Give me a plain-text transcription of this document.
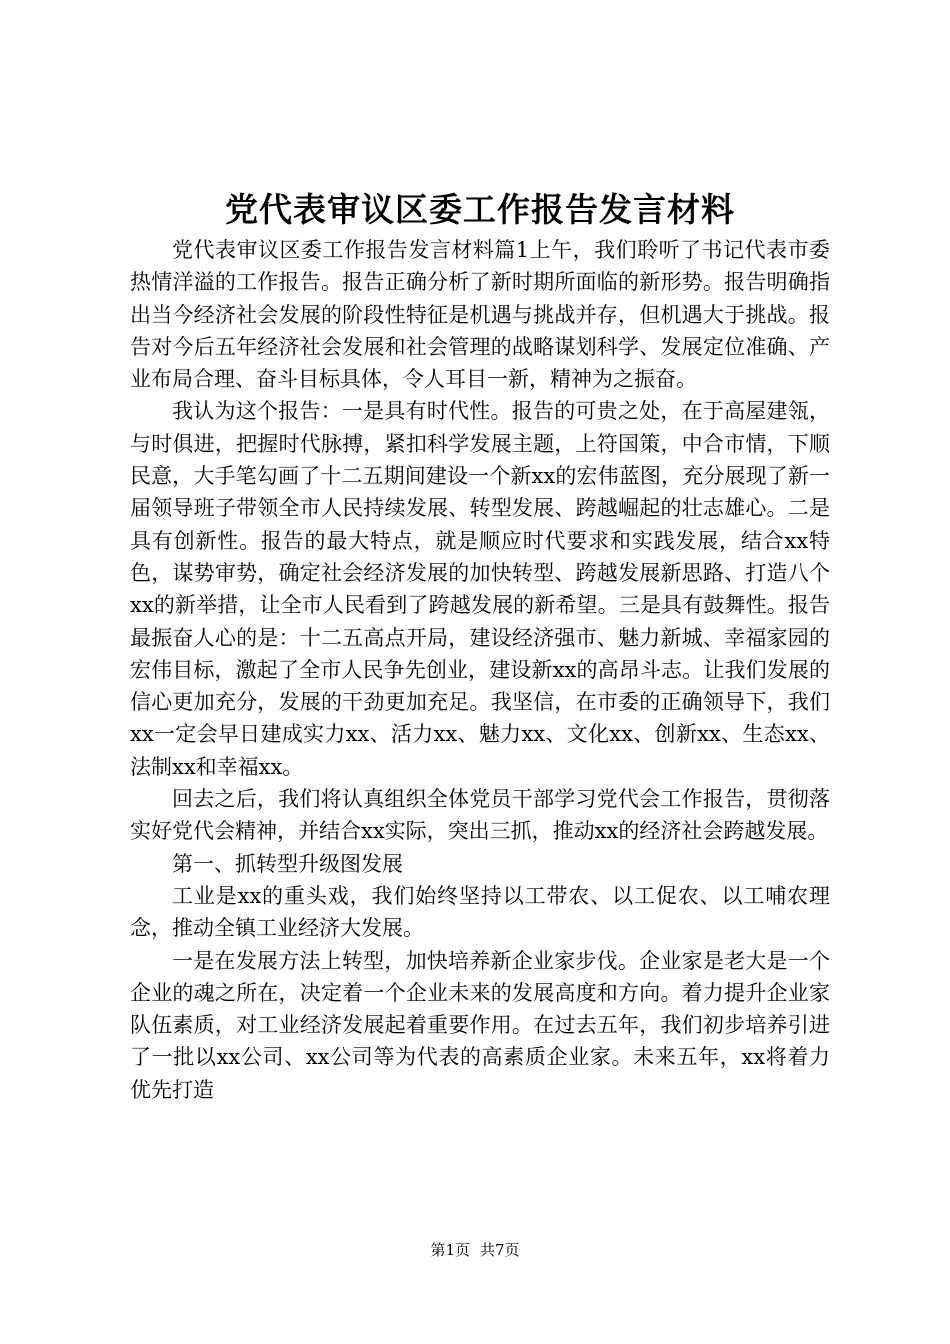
党代表审议区委工作报告发言材料

党代表审议区委工作报告发言材料篇1上午，我们聆听了书记代表市委热情洋溢的工作报告。报告正确分析了新时期所面临的新形势。报告明确指出当今经济社会发展的阶段性特征是机遇与挑战并存，但机遇大于挑战。报告对今后五年经济社会发展和社会管理的战略谋划科学、发展定位准确、产业布局合理、奋斗目标具体，令人耳目一新，精神为之振奋。

我认为这个报告：一是具有时代性。报告的可贵之处，在于高屋建瓴，与时俱进，把握时代脉搏，紧扣科学发展主题，上符国策，中合市情，下顺民意，大手笔勾画了十二五期间建设一个新xx的宏伟蓝图，充分展现了新一届领导班子带领全市人民持续发展、转型发展、跨越崛起的壮志雄心。二是具有创新性。报告的最大特点，就是顺应时代要求和实践发展，结合xx特色，谋势审势，确定社会经济发展的加快转型、跨越发展新思路、打造八个xx的新举措，让全市人民看到了跨越发展的新希望。三是具有鼓舞性。报告最振奋人心的是：十二五高点开局，建设经济强市、魅力新城、幸福家园的宏伟目标，激起了全市人民争先创业，建设新xx的高昂斗志。让我们发展的信心更加充分，发展的干劲更加充足。我坚信，在市委的正确领导下，我们xx一定会早日建成实力xx、活力xx、魅力xx、文化xx、创新xx、生态xx、法制xx和幸福xx。

回去之后，我们将认真组织全体党员干部学习党代会工作报告，贯彻落实好党代会精神，并结合xx实际，突出三抓，推动xx的经济社会跨越发展。

第一、抓转型升级图发展

工业是xx的重头戏，我们始终坚持以工带农、以工促农、以工哺农理念，推动全镇工业经济大发展。

一是在发展方法上转型，加快培养新企业家步伐。企业家是老大是一个企业的魂之所在，决定着一个企业未来的发展高度和方向。着力提升企业家队伍素质，对工业经济发展起着重要作用。在过去五年，我们初步培养引进了一批以xx公司、xx公司等为代表的高素质企业家。未来五年，xx将着力优先打造

第1页 共7页
